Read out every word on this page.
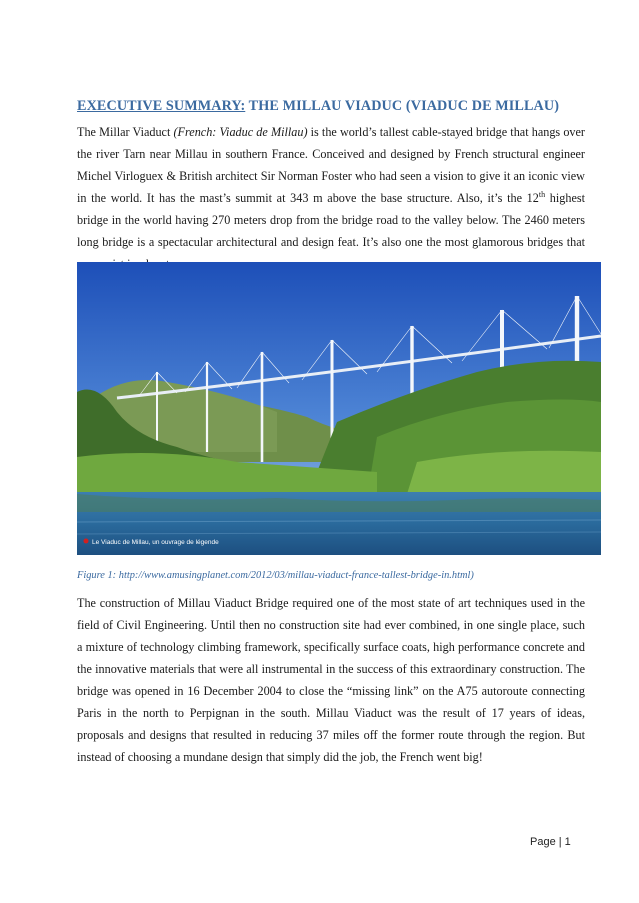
EXECUTIVE SUMMARY: THE MILLAU VIADUC (VIADUC DE MILLAU)
The Millar Viaduct (French: Viaduc de Millau) is the world’s tallest cable-stayed bridge that hangs over the river Tarn near Millau in southern France. Conceived and designed by French structural engineer Michel Virloguex & British architect Sir Norman Foster who had seen a vision to give it an iconic view in the world. It has the mast’s summit at 343 m above the base structure. Also, it’s the 12th highest bridge in the world having 270 meters drop from the bridge road to the valley below. The 2460 meters long bridge is a spectacular architectural and design feat. It’s also one the most glamorous bridges that
Le Viaduc de Millau, un ouvrage de légende
Figure 1: http://www.amusingplanet.com/2012/03/millau-viaduct-france-tallest-bridge-in.html)
The construction of Millau Viaduct Bridge required one of the most state of art techniques used in the field of Civil Engineering. Until then no construction site had ever combined, in one single place, such a mixture of technology climbing framework, specifically surface coats, high performance concrete and the innovative materials that were all instrumental in the success of this extraordinary construction. The bridge was opened in 16 December 2004 to close the “missing link” on the A75 autoroute connecting Paris in the north to Perpignan in the south. Millau Viaduct was the result of 17 years of ideas, proposals and designs that resulted in reducing 37 miles off the former route through the region. But instead of choosing a mundane design that simply did the job, the French went big!
Page | 1
